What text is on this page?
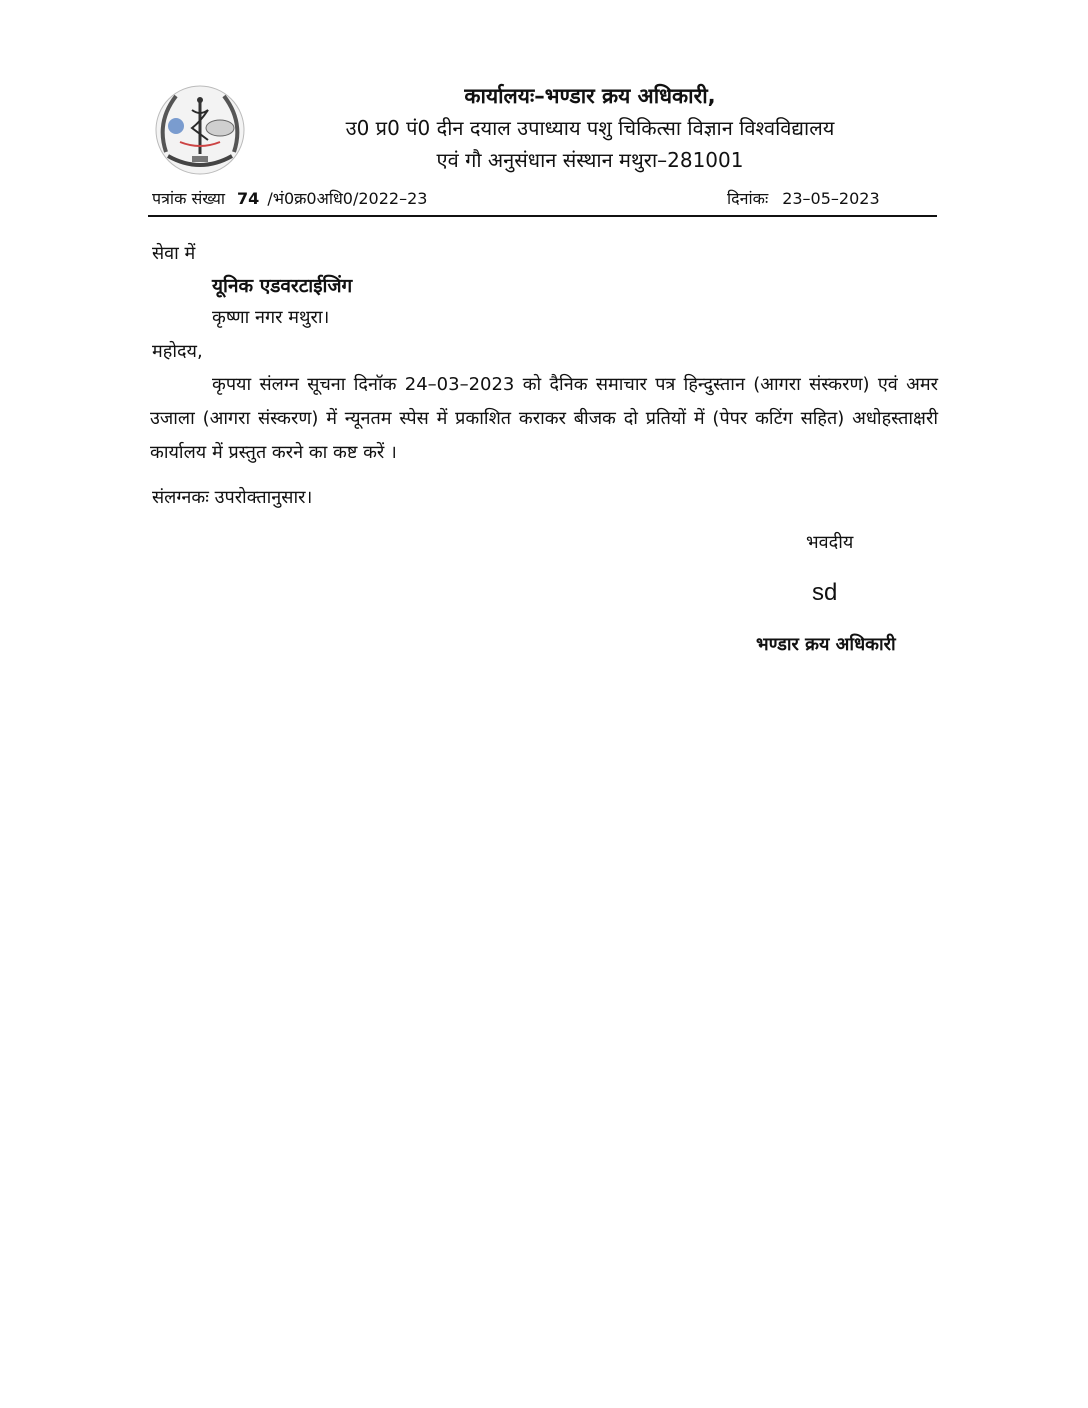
कार्यालयः–भण्डार क्रय अधिकारी,
उ0 प्र0 पं0 दीन दयाल उपाध्याय पशु चिकित्सा विज्ञान विश्वविद्यालय
एवं गौ अनुसंधान संस्थान मथुरा–281001
पत्रांक संख्या 74 /भं0क्र0अधि0/2022–23	दिनांकः 23–05–2023
सेवा में
यूनिक एडवरटाईजिंग
कृष्णा नगर मथुरा।
महोदय,

कृपया संलग्न सूचना दिनॉक 24–03–2023 को दैनिक समाचार पत्र हिन्दुस्तान (आगरा संस्करण) एवं अमर उजाला (आगरा संस्करण) में न्यूनतम स्पेस में प्रकाशित कराकर बीजक दो प्रतियों में (पेपर कटिंग सहित) अधोहस्ताक्षरी कार्यालय में प्रस्तुत करने का कष्ट करें ।

संलग्नकः उपरोक्तानुसार।
भवदीय
sd
भण्डार क्रय अधिकारी
